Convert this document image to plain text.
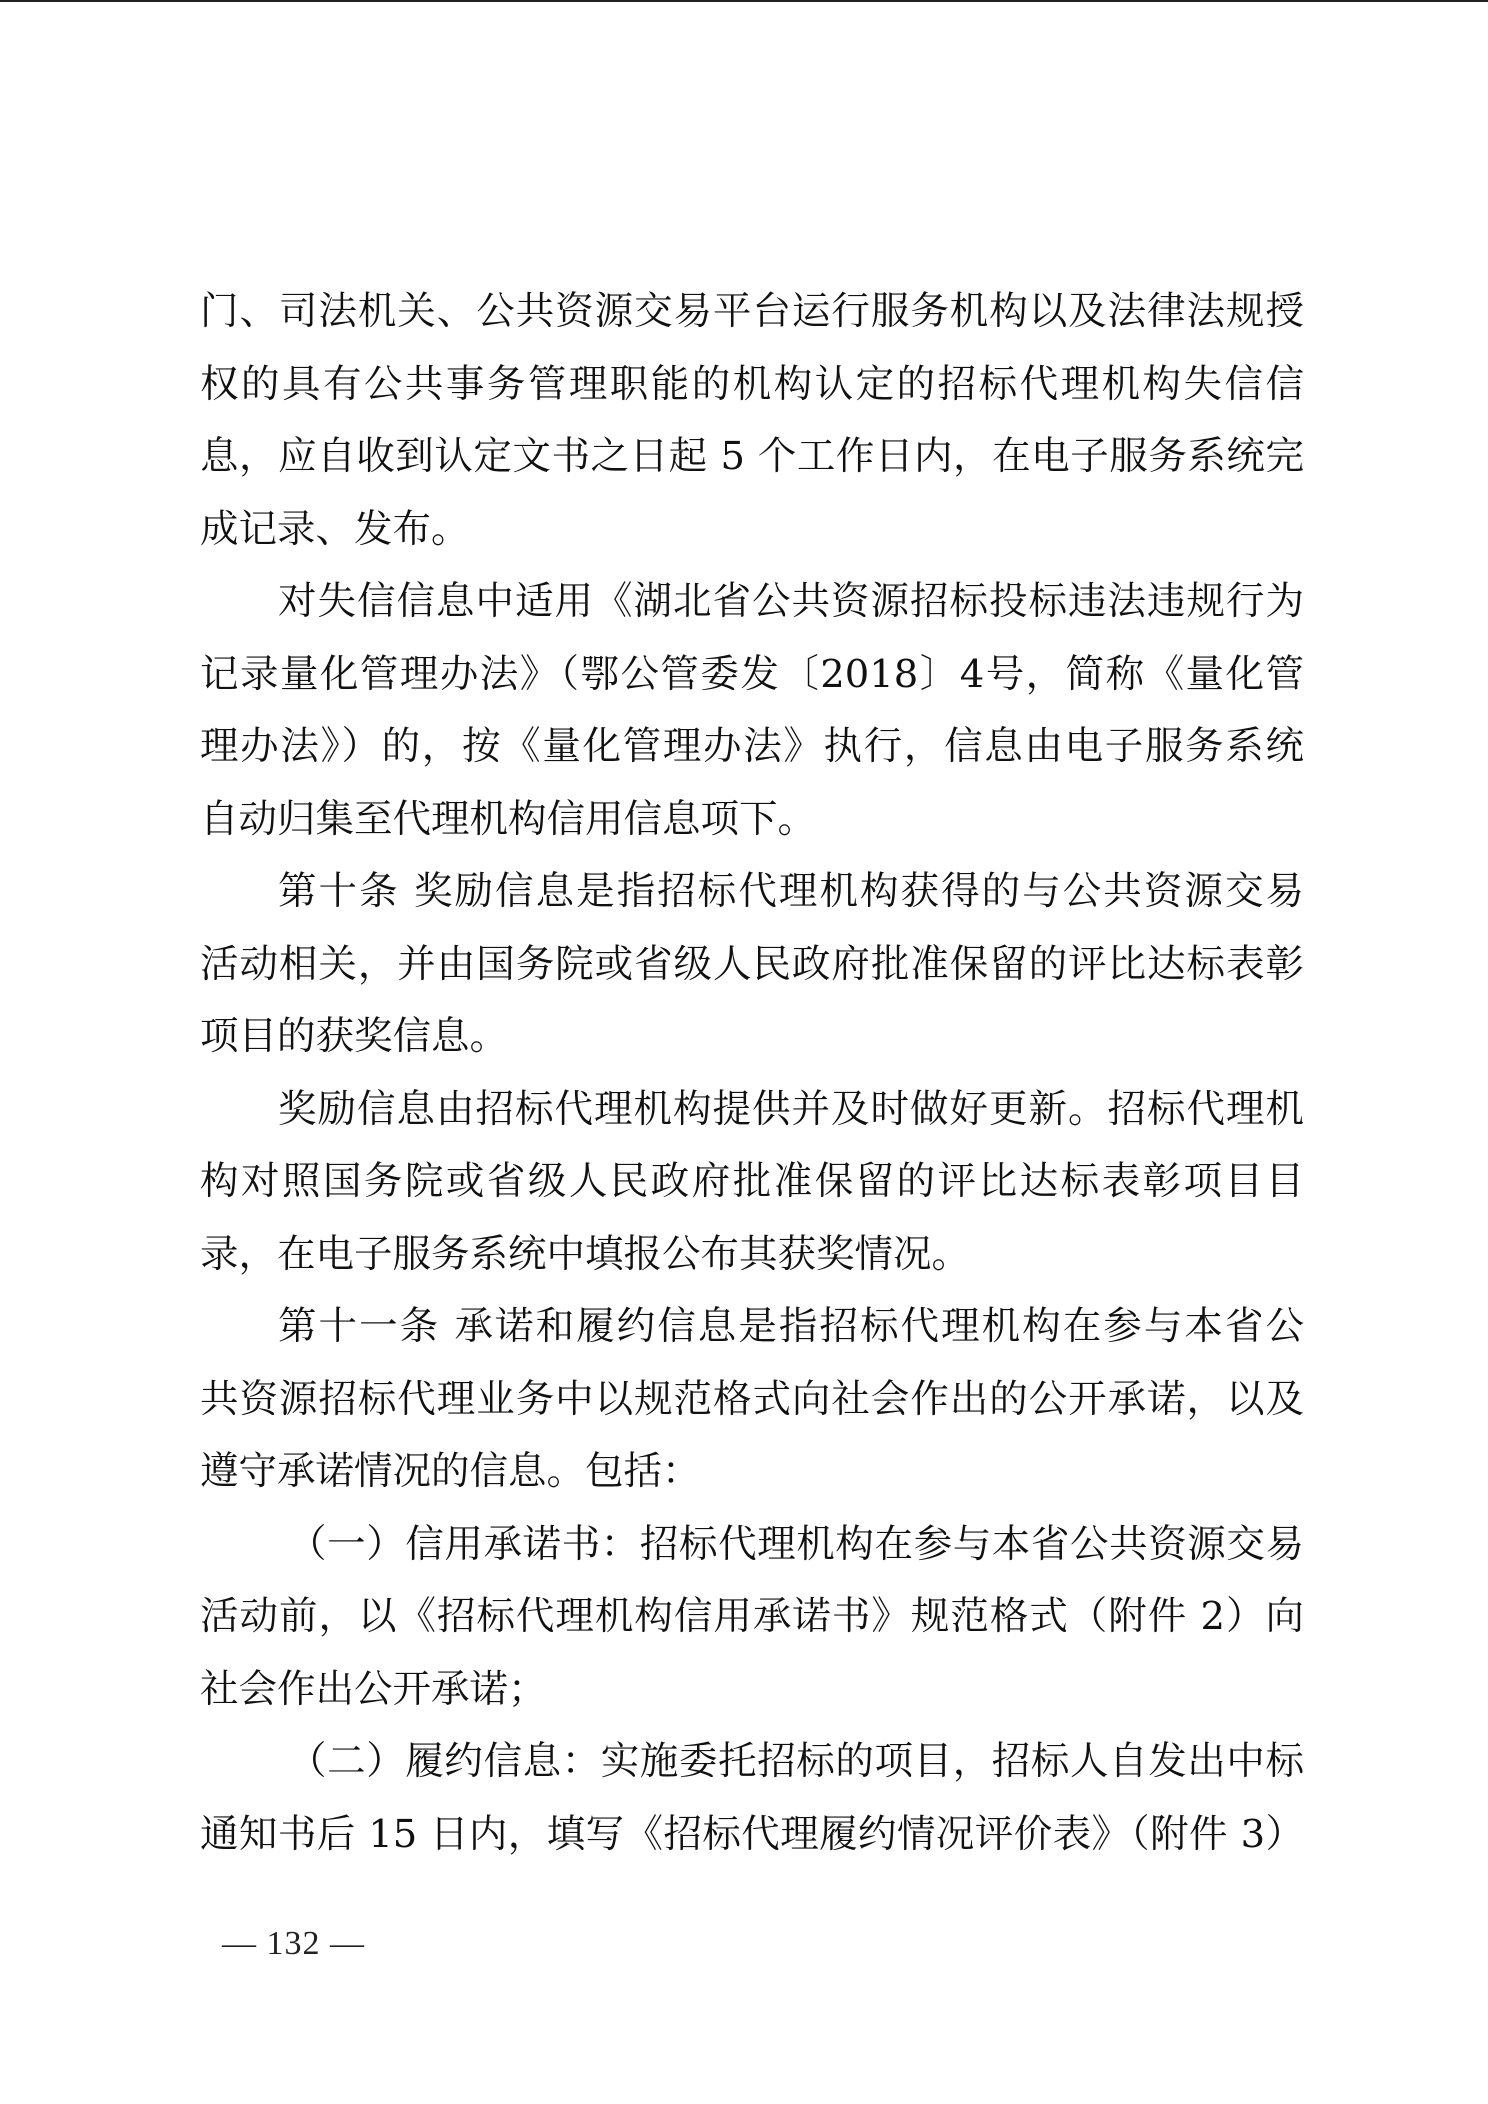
门、司法机关、公共资源交易平台运行服务机构以及法律法规授
权的具有公共事务管理职能的机构认定的招标代理机构失信信
息，应自收到认定文书之日起 5 个工作日内，在电子服务系统完
成记录、发布。
对失信信息中适用《湖北省公共资源招标投标违法违规行为
记录量化管理办法》（鄂公管委发〔2018〕4号，简称《量化管
理办法》）的，按《量化管理办法》执行，信息由电子服务系统
自动归集至代理机构信用信息项下。
第十条 奖励信息是指招标代理机构获得的与公共资源交易
活动相关，并由国务院或省级人民政府批准保留的评比达标表彰
项目的获奖信息。
奖励信息由招标代理机构提供并及时做好更新。招标代理机
构对照国务院或省级人民政府批准保留的评比达标表彰项目目
录，在电子服务系统中填报公布其获奖情况。
第十一条 承诺和履约信息是指招标代理机构在参与本省公
共资源招标代理业务中以规范格式向社会作出的公开承诺，以及
遵守承诺情况的信息。包括：
（一）信用承诺书：招标代理机构在参与本省公共资源交易
活动前，以《招标代理机构信用承诺书》规范格式（附件 2）向
社会作出公开承诺；
（二）履约信息：实施委托招标的项目，招标人自发出中标
通知书后 15 日内，填写《招标代理履约情况评价表》（附件 3）
— 132 —
